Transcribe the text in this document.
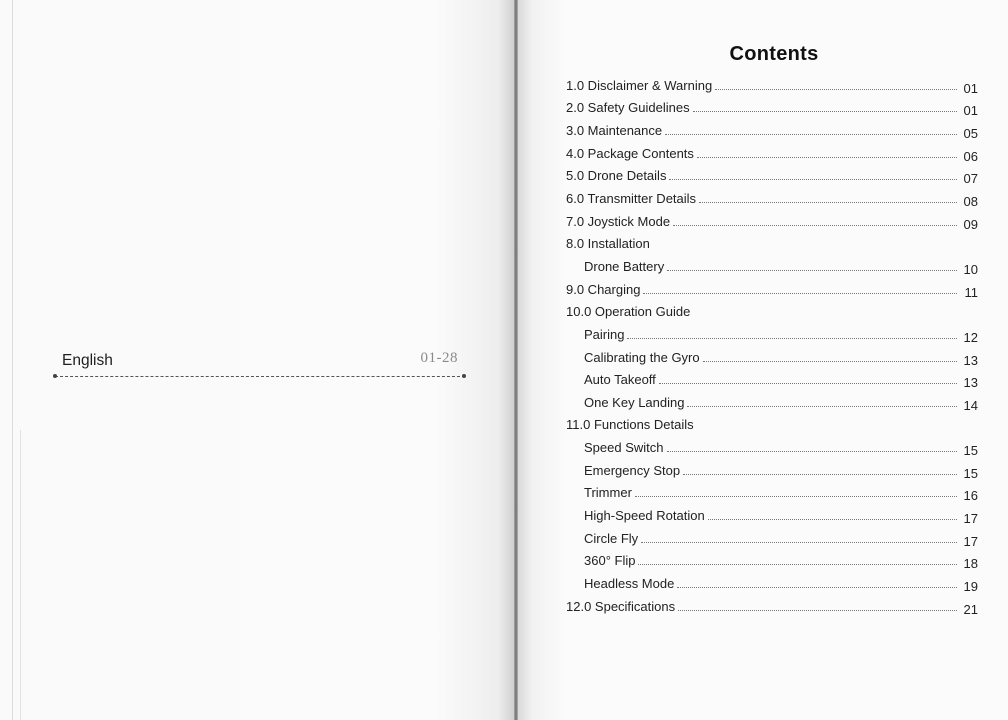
English	01-28
Contents
1.0 Disclaimer & Warning	01
2.0 Safety Guidelines	01
3.0 Maintenance	05
4.0 Package Contents	06
5.0 Drone Details	07
6.0 Transmitter Details	08
7.0 Joystick Mode	09
8.0 Installation
Drone Battery	10
9.0 Charging	11
10.0 Operation Guide
Pairing	12
Calibrating the Gyro	13
Auto Takeoff	13
One Key Landing	14
11.0 Functions Details
Speed Switch	15
Emergency Stop	15
Trimmer	16
High-Speed Rotation	17
Circle Fly	17
360° Flip	18
Headless Mode	19
12.0 Specifications	21
